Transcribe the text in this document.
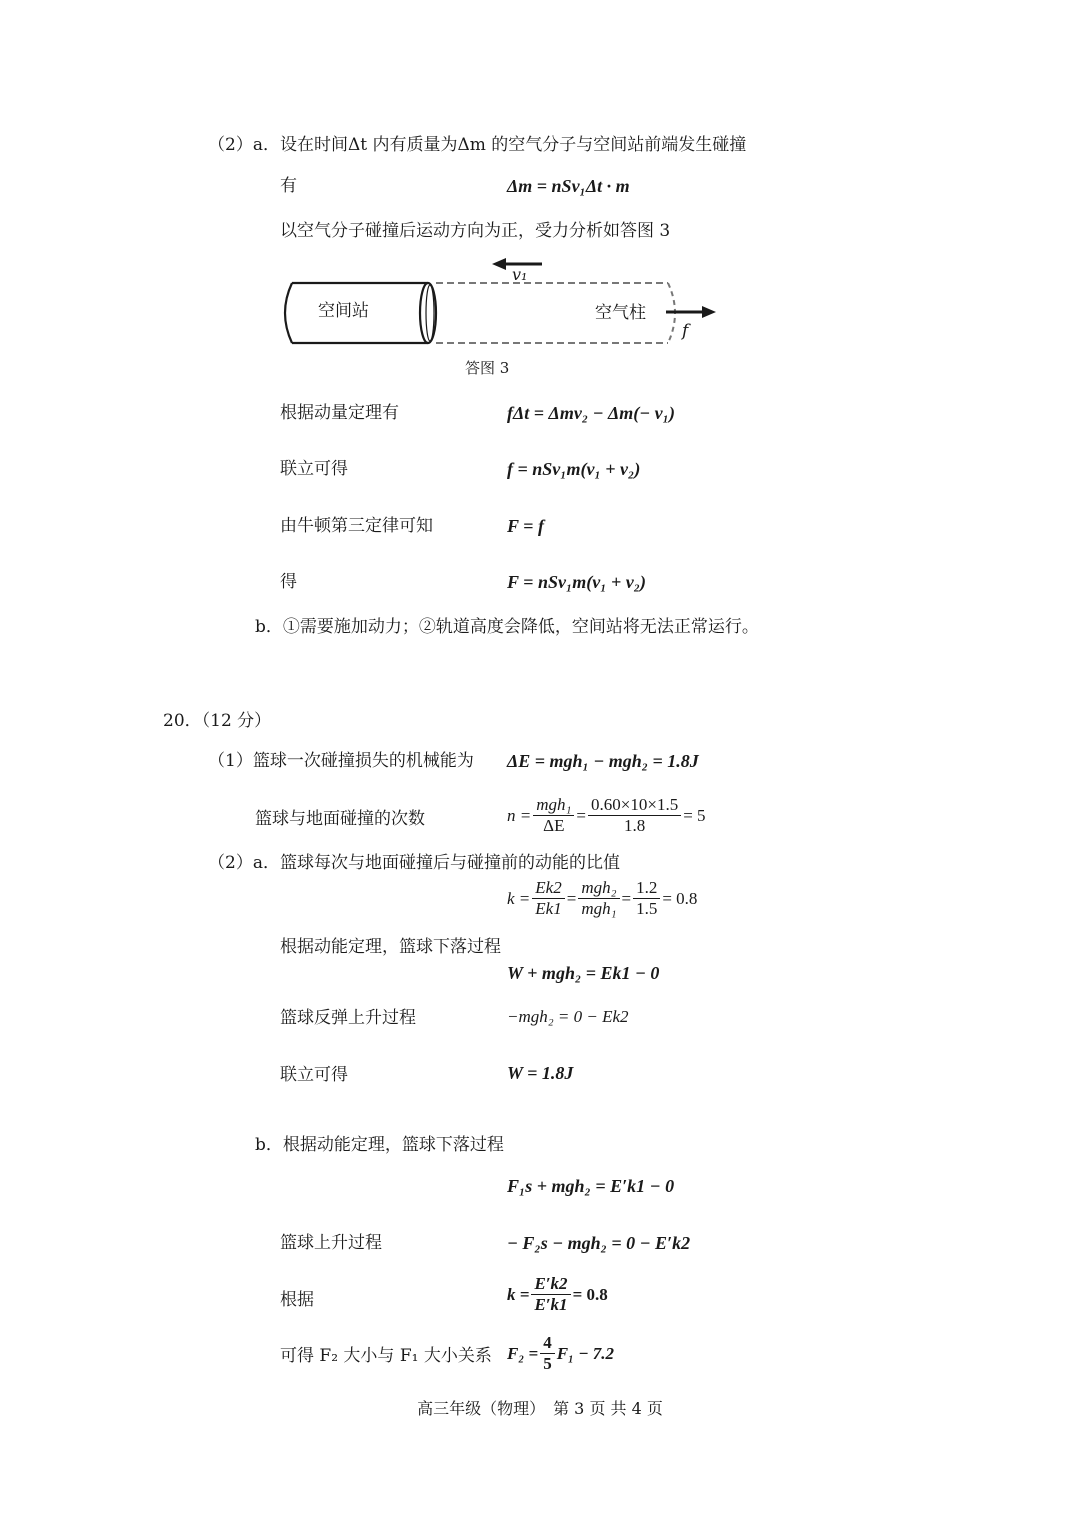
（2）a．设在时间Δt 内有质量为Δm 的空气分子与空间站前端发生碰撞
有	Δm = nSv₁Δt · m
以空气分子碰撞后运动方向为正，受力分析如答图 3
v₁
空间站	空气柱
f
答图 3
根据动量定理有	fΔt = Δmv₂ − Δm(− v₁)
联立可得	f = nSv₁m(v₁ + v₂)
由牛顿第三定律可知	F = f
得	F = nSv₁m(v₁ + v₂)
b．①需要施加动力；②轨道高度会降低，空间站将无法正常运行。
20．（12 分）
（1）篮球一次碰撞损失的机械能为 ΔE = mgh₁ − mgh₂ = 1.8J
篮球与地面碰撞的次数	$n = \frac{\text{mgh₁}}{\Delta E} = \frac{0.60\times 10\times 1.5}{1.8} = 5$
（2）a．篮球每次与地面碰撞后与碰撞前的动能的比值
$k = \frac{Ek2}{Ek1} = \frac{\text{mgh₂}}{\text{mgh₁}} = \frac{1.2}{1.5} = 0.8$
根据动能定理，篮球下落过程
W + mgh₂ = Ek1 − 0
篮球反弹上升过程	−mgh₂ = 0 − Ek2
联立可得	W = 1.8J
b．根据动能定理，篮球下落过程
F₁s + mgh₂ = E′k1 − 0
篮球上升过程	− F₂s − mgh₂ = 0 − E′k2
根据	$k = \frac{E'k2}{E'k1} = 0.8$
可得 F₂ 大小与 F₁ 大小关系 $F_2 = \frac{4}{5} F_1 - 7.2$
高三年级（物理）　第 3 页 共 4 页
